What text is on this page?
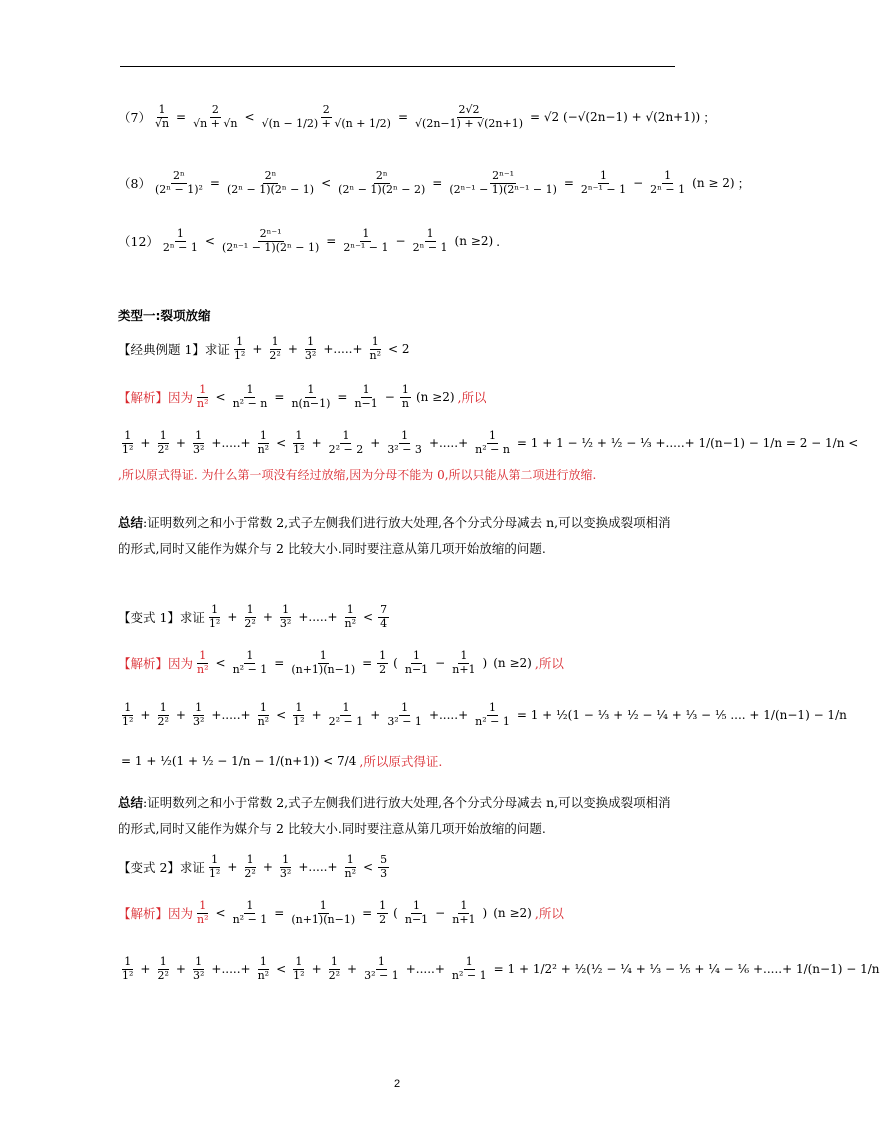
$(7) \frac{1}{√n} = \frac{2}{√n + √n} < \frac{2}{√(n - 1/2) + √(n + 1/2)} = \frac{2√2}{√(2n-1) + √(2n+1)} = √2$ (−√(2n−1) + √(2n+1)) ；
$(8) \frac{\text{2ⁿ}}{\text{(2ⁿ − 1)²}} = \frac{\text{2ⁿ}}{\text{(2ⁿ − 1)(2ⁿ − 1)}} < \frac{\text{2ⁿ}}{\text{(2ⁿ − 1)(2ⁿ − 2)}} = \frac{\text{2ⁿ⁻¹}}{\text{(2ⁿ⁻¹ − 1)(2ⁿ⁻¹ − 1)}} = \frac{1}{\text{2ⁿ⁻¹ − 1}} - \frac{1}{\text{2ⁿ − 1}} (n \ge 2)$ ；
$(12) \frac{1}{\text{2ⁿ − 1}} < \frac{\text{2ⁿ⁻¹}}{\text{(2ⁿ⁻¹ − 1)(2ⁿ − 1)}} = \frac{1}{\text{2ⁿ⁻¹ − 1}} - \frac{1}{\text{2ⁿ − 1}} (n \ge 2)$ .
类型一:裂项放缩
【经典例题 1】求证 $\frac{1}{\text{1²}} + \frac{1}{\text{2²}} + \frac{1}{\text{3²}}$ +.....+ $\frac{1}{\text{n²}} < 2$
【解析】因为 $\frac{1}{\text{n²}} < \frac{1}{\text{n² − n}} = \frac{1}{n(n-1)} = \frac{1}{n-1} - \frac{1}{n} (n \ge 2)$ ,所以
$\frac{1}{\text{1²}} + \frac{1}{\text{2²}} + \frac{1}{\text{3²}}$ +.....+ $\frac{1}{\text{n²}} < \frac{1}{\text{1²}} + \frac{1}{\text{2² − 2}} + \frac{1}{\text{3² − 3}}$ +.....+ $\frac{1}{\text{n² − n}} = 1 + 1$ − ½ + ½ − ⅓ +.....+ 1/(n−1) − 1/n = 2 − 1/n <
,所以原式得证. 为什么第一项没有经过放缩,因为分母不能为 0,所以只能从第二项进行放缩.
总结:证明数列之和小于常数 2,式子左侧我们进行放大处理,各个分式分母减去 n,可以变换成裂项相消的形式,同时又能作为媒介与 2 比较大小.同时要注意从第几项开始放缩的问题.
【变式 1】求证 $\frac{1}{\text{1²}} + \frac{1}{\text{2²}} + \frac{1}{\text{3²}}$ +.....+ $\frac{1}{\text{n²}} < \frac{7}{4}$
【解析】因为 $\frac{1}{\text{n²}} < \frac{1}{\text{n² − 1}} = \frac{1}{(n+1)(n-1)} = \frac{1}{2}$ ( $\frac{1}{n-1} - \frac{1}{n+1}$ ) (n ≥2) ,所以
$\frac{1}{\text{1²}} + \frac{1}{\text{2²}} + \frac{1}{\text{3²}}$ +.....+ $\frac{1}{\text{n²}} < \frac{1}{\text{1²}} + \frac{1}{\text{2² − 1}} + \frac{1}{\text{3² − 1}}$ +.....+ $\frac{1}{\text{n² − 1}} = 1$ + ½(1 − ⅓ + ½ − ¼ + ⅓ − ⅕ .... + 1/(n−1) − 1/n
= 1 + ½(1 + ½ − 1/n − 1/(n+1)) < 7/4 ,所以原式得证.
总结:证明数列之和小于常数 2,式子左侧我们进行放大处理,各个分式分母减去 n,可以变换成裂项相消的形式,同时又能作为媒介与 2 比较大小.同时要注意从第几项开始放缩的问题.
【变式 2】求证 $\frac{1}{\text{1²}} + \frac{1}{\text{2²}} + \frac{1}{\text{3²}}$ +.....+ $\frac{1}{\text{n²}} < \frac{5}{3}$
【解析】因为 $\frac{1}{\text{n²}} < \frac{1}{\text{n² − 1}} = \frac{1}{(n+1)(n-1)} = \frac{1}{2}$ ( $\frac{1}{n-1} - \frac{1}{n+1}$ ) (n ≥2) ,所以
$\frac{1}{\text{1²}} + \frac{1}{\text{2²}} + \frac{1}{\text{3²}}$ +.....+ $\frac{1}{\text{n²}} < \frac{1}{\text{1²}} + \frac{1}{\text{2²}} + \frac{1}{\text{3² − 1}}$ +.....+ $\frac{1}{\text{n² − 1}} = 1 + 1/2^2$ + ½(½ − ¼ + ⅓ − ⅕ + ¼ − ⅙ +.....+ 1/(n−1) − 1/n
2
